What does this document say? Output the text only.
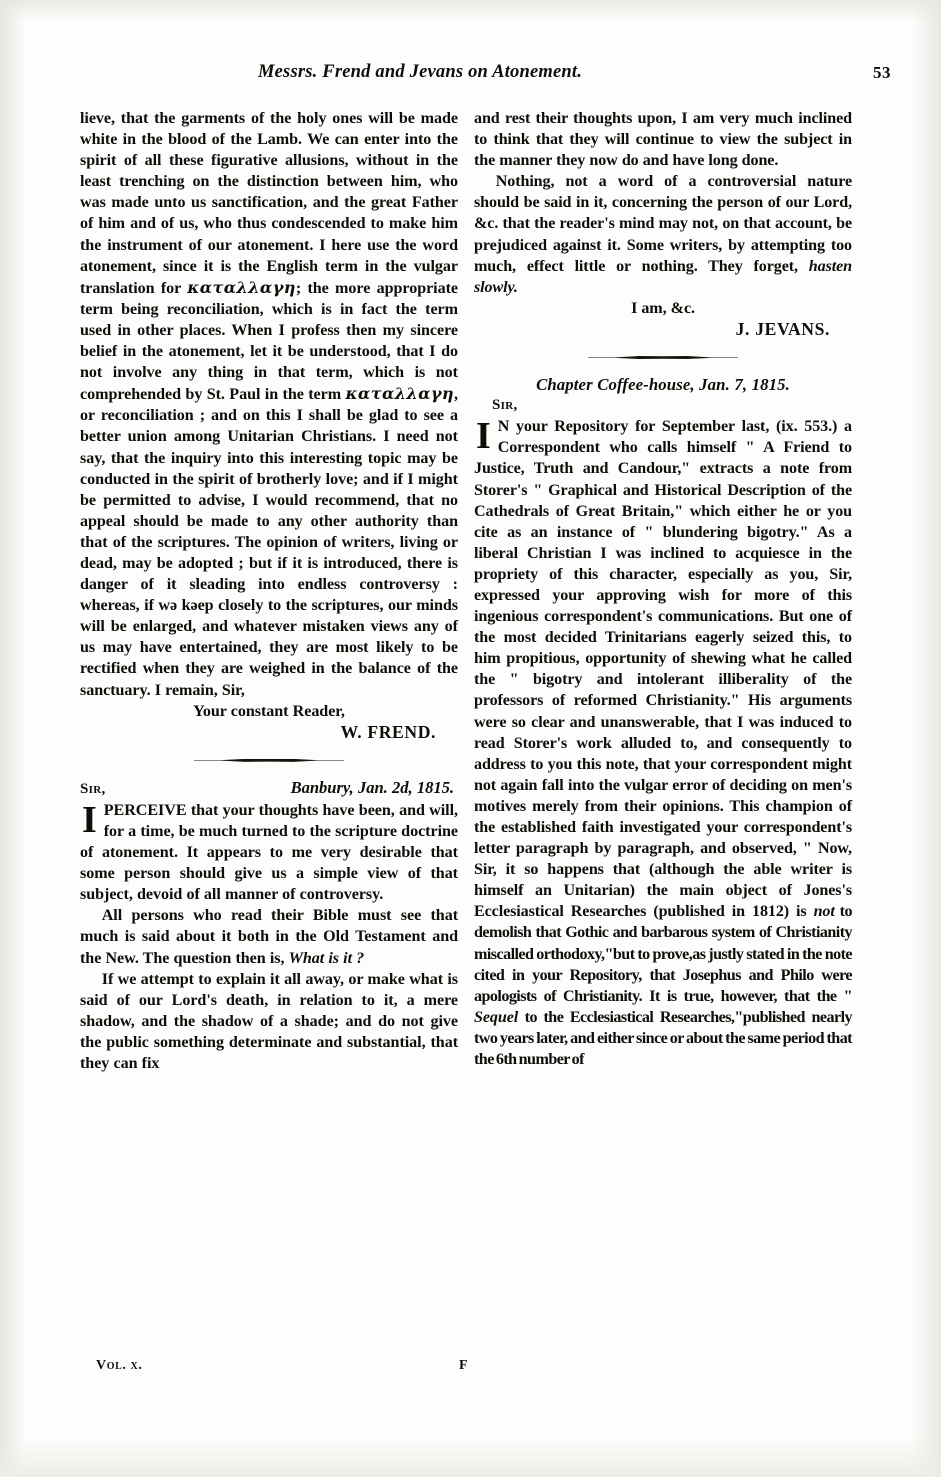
Messrs. Frend and Jevans on Atonement.	53

lieve, that the garments of the holy ones will be made white in the blood of the Lamb. We can enter into the spirit of all these figurative allusions, without in the least trenching on the distinction between him, who was made unto us sanctification, and the great Father of him and of us, who thus condescended to make him the instrument of our atonement. I here use the word atonement, since it is the English term in the vulgar translation for καταλλαγη; the more appropriate term being reconciliation, which is in fact the term used in other places. When I profess then my sincere belief in the atonement, let it be understood, that I do not involve any thing in that term, which is not comprehended by St. Paul in the term καταλλαγη, or reconciliation ; and on this I shall be glad to see a better union among Unitarian Christians. I need not say, that the inquiry into this interesting topic may be conducted in the spirit of brotherly love; and if I might be permitted to advise, I would recommend, that no appeal should be made to any other authority than that of the scriptures. The opinion of writers, living or dead, may be adopted ; but if it is introduced, there is danger of it sleading into endless controversy : whereas, if wə kəep closely to the scriptures, our minds will be enlarged, and whatever mistaken views any of us may have entertained, they are most likely to be rectified when they are weighed in the balance of the sanctuary. I remain, Sir,

Your constant Reader,
W. FREND.
Sir,	Banbury, Jan. 2d, 1815.
I PERCEIVE that your thoughts have been, and will, for a time, be much turned to the scripture doctrine of atonement. It appears to me very desirable that some person should give us a simple view of that subject, devoid of all manner of controversy.

All persons who read their Bible must see that much is said about it both in the Old Testament and the New. The question then is, What is it ?

If we attempt to explain it all away, or make what is said of our Lord's death, in relation to it, a mere shadow, and the shadow of a shade; and do not give the public something determinate and substantial, that they can fix

and rest their thoughts upon, I am very much inclined to think that they will continue to view the subject in the manner they now do and have long done.

Nothing, not a word of a controversial nature should be said in it, concerning the person of our Lord, &c. that the reader's mind may not, on that account, be prejudiced against it. Some writers, by attempting too much, effect little or nothing. They forget, hasten slowly.

I am, &c.
J. JEVANS.
Chapter Coffee-house, Jan. 7, 1815.
Sir,
I N your Repository for September last, (ix. 553.) a Correspondent who calls himself " A Friend to Justice, Truth and Candour," extracts a note from Storer's " Graphical and Historical Description of the Cathedrals of Great Britain," which either he or you cite as an instance of " blundering bigotry." As a liberal Christian I was inclined to acquiesce in the propriety of this character, especially as you, Sir, expressed your approving wish for more of this ingenious correspondent's communications. But one of the most decided Trinitarians eagerly seized this, to him propitious, opportunity of shewing what he called the " bigotry and intolerant illiberality of the professors of reformed Christianity." His arguments were so clear and unanswerable, that I was induced to read Storer's work alluded to, and consequently to address to you this note, that your correspondent might not again fall into the vulgar error of deciding on men's motives merely from their opinions. This champion of the established faith investigated your correspondent's letter paragraph by paragraph, and observed, " Now, Sir, it so happens that (although the able writer is himself an Unitarian) the main object of Jones's Ecclesiastical Researches (published in 1812) is not to demolish that Gothic and barbarous system of Christianity miscalled orthodoxy,"but to prove,as justly stated in the note cited in your Repository, that Josephus and Philo were apologists of Christianity. It is true, however, that the " Sequel to the Ecclesiastical Researches,"published nearly two years later, and either since or about the same period that the 6th number of

Vol. x.	F
